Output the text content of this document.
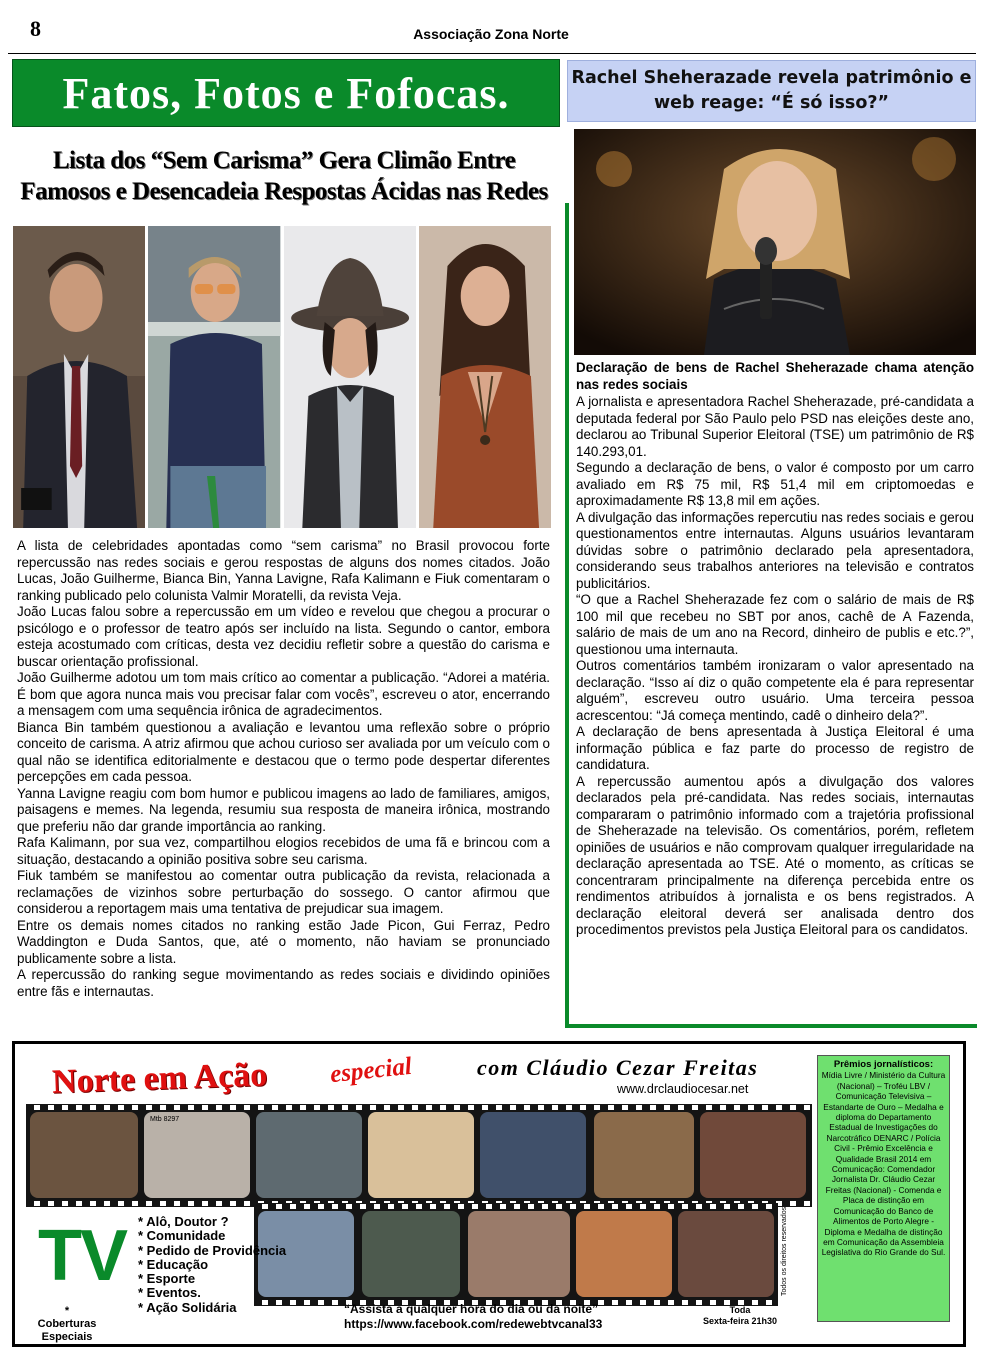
8	Associação Zona Norte
Fatos, Fotos e Fofocas.
Lista dos “Sem Carisma” Gera Climão Entre Famosos e Desencadeia Respostas Ácidas nas Redes

A lista de celebridades apontadas como “sem carisma” no Brasil provocou forte repercussão nas redes sociais e gerou respostas de alguns dos nomes citados. João Lucas, João Guilherme, Bianca Bin, Yanna Lavigne, Rafa Kalimann e Fiuk comentaram o ranking publicado pelo colunista Valmir Moratelli, da revista Veja.

João Lucas falou sobre a repercussão em um vídeo e revelou que chegou a procurar o psicólogo e o professor de teatro após ser incluído na lista. Segundo o cantor, embora esteja acostumado com críticas, desta vez decidiu refletir sobre a questão do carisma e buscar orientação profissional.

João Guilherme adotou um tom mais crítico ao comentar a publicação. “Adorei a matéria. É bom que agora nunca mais vou precisar falar com vocês”, escreveu o ator, encerrando a mensagem com uma sequência irônica de agradecimentos.

Bianca Bin também questionou a avaliação e levantou uma reflexão sobre o próprio conceito de carisma. A atriz afirmou que achou curioso ser avaliada por um veículo com o qual não se identifica editorialmente e destacou que o termo pode despertar diferentes percepções em cada pessoa.

Yanna Lavigne reagiu com bom humor e publicou imagens ao lado de familiares, amigos, paisagens e memes. Na legenda, resumiu sua resposta de maneira irônica, mostrando que preferiu não dar grande importância ao ranking.

Rafa Kalimann, por sua vez, compartilhou elogios recebidos de uma fã e brincou com a situação, destacando a opinião positiva sobre seu carisma.

Fiuk também se manifestou ao comentar outra publicação da revista, relacionada a reclamações de vizinhos sobre perturbação do sossego. O cantor afirmou que considerou a reportagem mais uma tentativa de prejudicar sua imagem.

Entre os demais nomes citados no ranking estão Jade Picon, Gui Ferraz, Pedro Waddington e Duda Santos, que, até o momento, não haviam se pronunciado publicamente sobre a lista.

A repercussão do ranking segue movimentando as redes sociais e dividindo opiniões entre fãs e internautas.

Rachel Sheherazade revela patrimônio e web reage: “É só isso?”
Declaração de bens de Rachel Sheherazade chama atenção nas redes sociais

A jornalista e apresentadora Rachel Sheherazade, pré-candidata a deputada federal por São Paulo pelo PSD nas eleições deste ano, declarou ao Tribunal Superior Eleitoral (TSE) um patrimônio de R$ 140.293,01.

Segundo a declaração de bens, o valor é composto por um carro avaliado em R$ 75 mil, R$ 51,4 mil em criptomoedas e aproximadamente R$ 13,8 mil em ações.

A divulgação das informações repercutiu nas redes sociais e gerou questionamentos entre internautas. Alguns usuários levantaram dúvidas sobre o patrimônio declarado pela apresentadora, considerando seus trabalhos anteriores na televisão e contratos publicitários.

“O que a Rachel Sheherazade fez com o salário de mais de R$ 100 mil que recebeu no SBT por anos, cachê de A Fazenda, salário de mais de um ano na Record, dinheiro de publis e etc.?”, questionou uma internauta.

Outros comentários também ironizaram o valor apresentado na declaração. “Isso aí diz o quão competente ela é para representar alguém”, escreveu outro usuário. Uma terceira pessoa acrescentou: “Já começa mentindo, cadê o dinheiro dela?”.

A declaração de bens apresentada à Justiça Eleitoral é uma informação pública e faz parte do processo de registro de candidatura.

A repercussão aumentou após a divulgação dos valores declarados pela pré-candidata. Nas redes sociais, internautas compararam o patrimônio informado com a trajetória profissional de Sheherazade na televisão. Os comentários, porém, refletem opiniões de usuários e não comprovam qualquer irregularidade na declaração apresentada ao TSE. Até o momento, as críticas se concentraram principalmente na diferença percebida entre os rendimentos atribuídos à jornalista e os bens registrados. A declaração eleitoral deverá ser analisada dentro dos procedimentos previstos pela Justiça Eleitoral para os candidatos.

Norte em Ação especial	com Cláudio Cezar Freitas
www.drclaudiocesar.net
Mtb 8297
TV
* Coberturas Especiais
* Alô, Doutor ?
* Comunidade
* Pedido de Providência
* Educação
* Esporte
* Eventos.
* Ação Solidária	“Assista a qualquer hora do dia ou da noite”
https://www.facebook.com/redewebtvcanal33
Toda
Sexta-feira 21h30
Todos os direitos reservados
Prêmios jornalísticos:
Mídia Livre / Ministério da Cultura (Nacional) – Troféu LBV / Comunicação Televisiva – Estandarte de Ouro – Medalha e diploma do Departamento Estadual de Investigações do Narcotráfico DENARC / Polícia Civil - Prêmio Excelência e Qualidade Brasil 2014 em Comunicação: Comendador Jornalista Dr. Cláudio Cezar Freitas (Nacional) - Comenda e Placa de distinção em Comunicação do Banco de Alimentos de Porto Alegre - Diploma e Medalha de distinção em Comunicação da Assembleia Legislativa do Rio Grande do Sul.
